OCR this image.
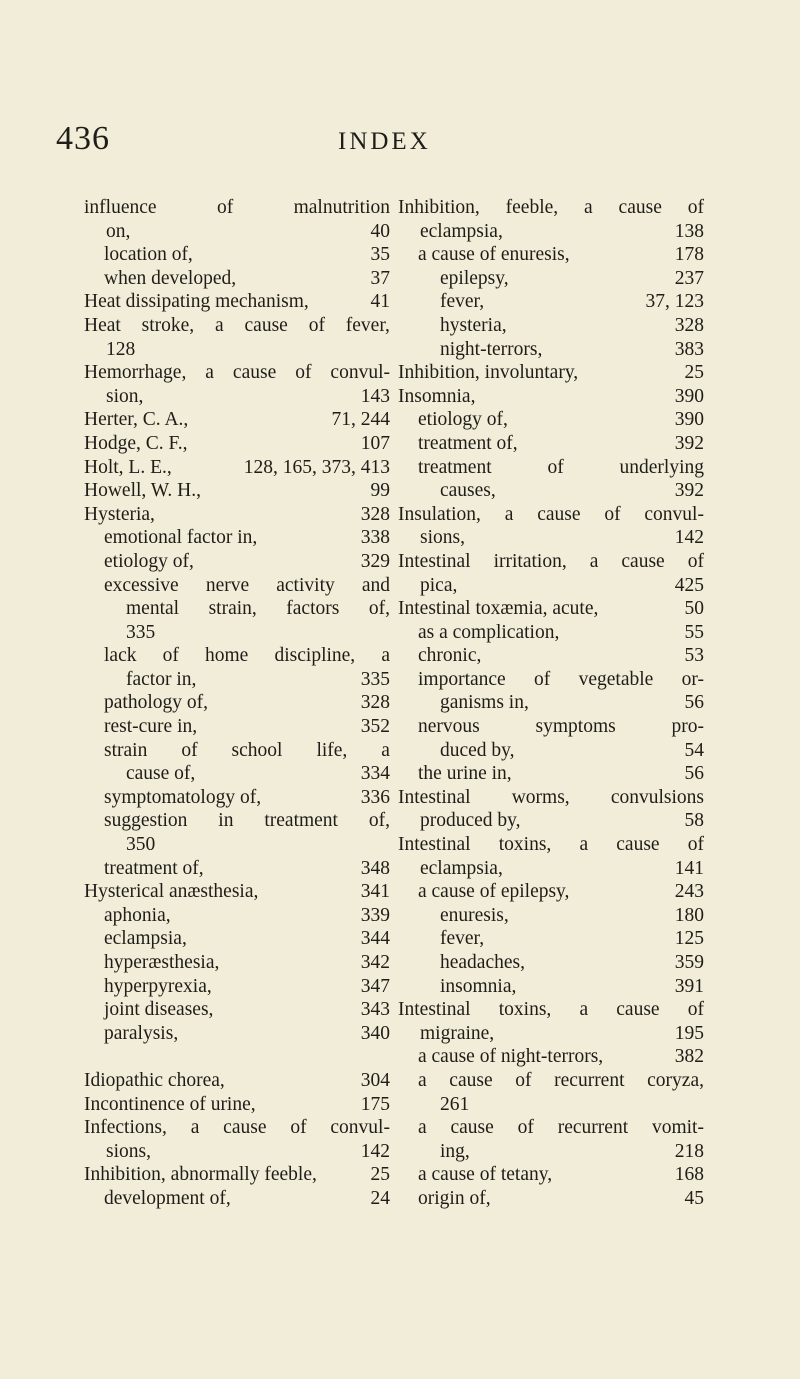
436	INDEX
influence	of	malnutrition
on,	40
location of,	35
when developed,	37
Heat dissipating mechanism,	41
Heat stroke, a cause of fever,
128
Hemorrhage, a cause of convul-
sion,	143
Herter, C. A.,	71, 244
Hodge, C. F.,	107
Holt, L. E.,	128, 165, 373, 413
Howell, W. H.,	99
Hysteria,	328
emotional factor in,	338
etiology of,	329
excessive nerve activity and
mental strain, factors of,
335
lack of home discipline, a
factor in,	335
pathology of,	328
rest-cure in,	352
strain of school life, a
cause of,	334
symptomatology of,	336
suggestion in treatment of,
350
treatment of,	348
Hysterical anæsthesia,	341
aphonia,	339
eclampsia,	344
hyperæsthesia,	342
hyperpyrexia,	347
joint diseases,	343
paralysis,	340
Idiopathic chorea,	304
Incontinence of urine,	175
Infections, a cause of convul-
sions,	142
Inhibition, abnormally feeble,	25
development of,	24
Inhibition, feeble, a cause of
eclampsia,	138
a cause of enuresis,	178
epilepsy,	237
fever,	37, 123
hysteria,	328
night-terrors,	383
Inhibition, involuntary,	25
Insomnia,	390
etiology of,	390
treatment of,	392
treatment	of	underlying
causes,	392
Insulation, a cause of convul-
sions,	142
Intestinal irritation, a cause of
pica,	425
Intestinal toxæmia, acute,	50
as a complication,	55
chronic,	53
importance of vegetable or-
ganisms in,	56
nervous	symptoms	pro-
duced by,	54
the urine in,	56
Intestinal worms, convulsions
produced by,	58
Intestinal toxins, a cause of
eclampsia,	141
a cause of epilepsy,	243
enuresis,	180
fever,	125
headaches,	359
insomnia,	391
Intestinal toxins, a cause of
migraine,	195
a cause of night-terrors,	382
a cause of recurrent coryza,
261
a cause of recurrent vomit-
ing,	218
a cause of tetany,	168
origin of,	45
